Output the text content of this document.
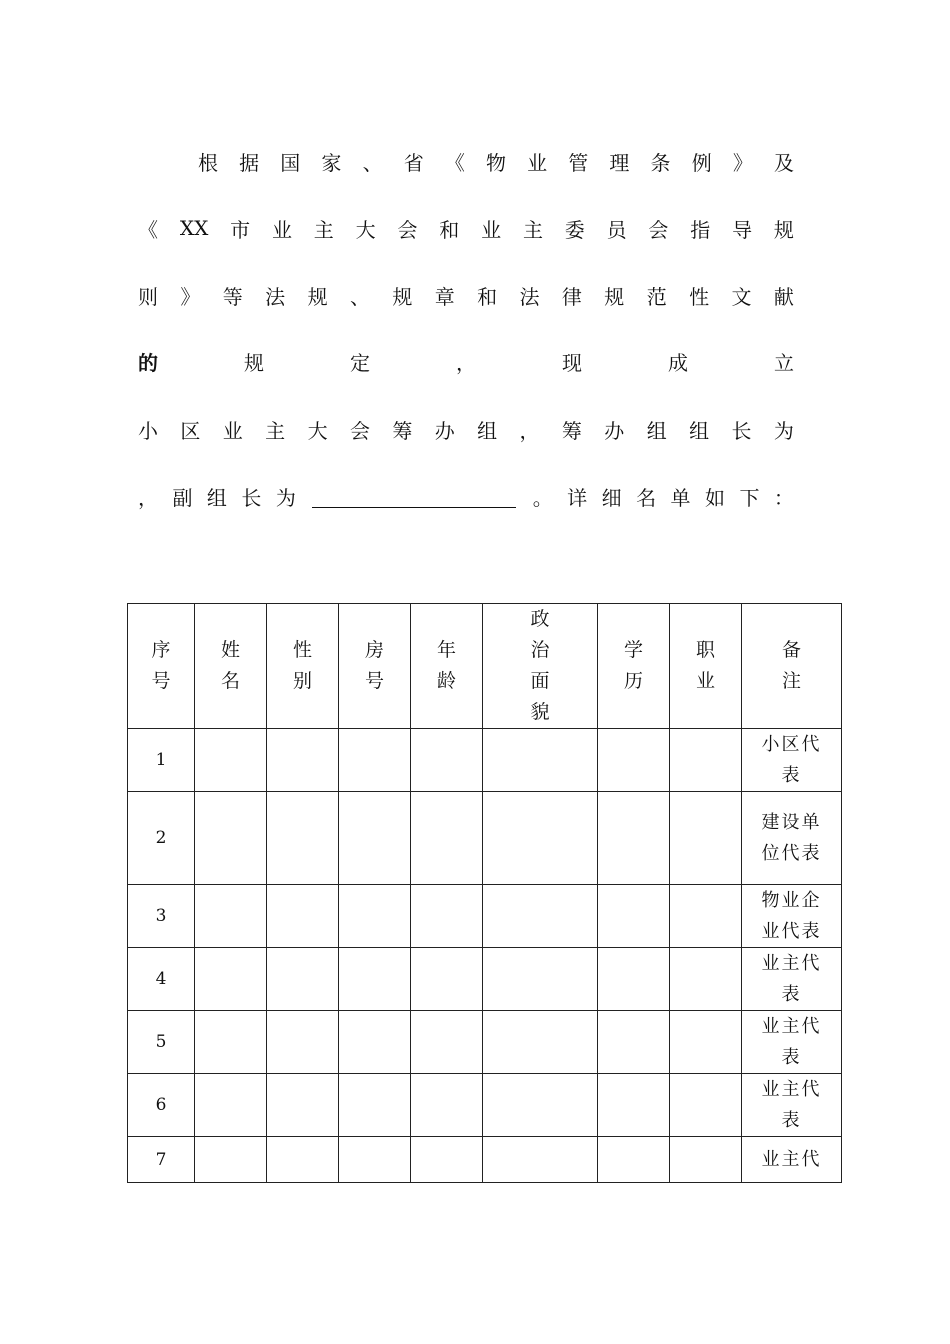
根 据 国 家 、 省 《 物 业 管 理 条 例 》 及
《 XX 市 业 主 大 会 和 业 主 委 员 会 指 导 规
则 》 等 法 规 、 规 章 和 法 律 规 范 性 文 献
的	规	定	，	现	成	立
小 区 业 主 大 会 筹 办 组 ， 筹 办 组 组 长 为
， 副 组 长 为	。 详 细 名 单 如 下 ：
序号	姓名	性别	房号	年龄	政治面貌	学历	职业	备注

1								小区代表

2								建设单位代表

3								物业企业代表

4								业主代表

5								业主代表

6								业主代表

7								业主代
